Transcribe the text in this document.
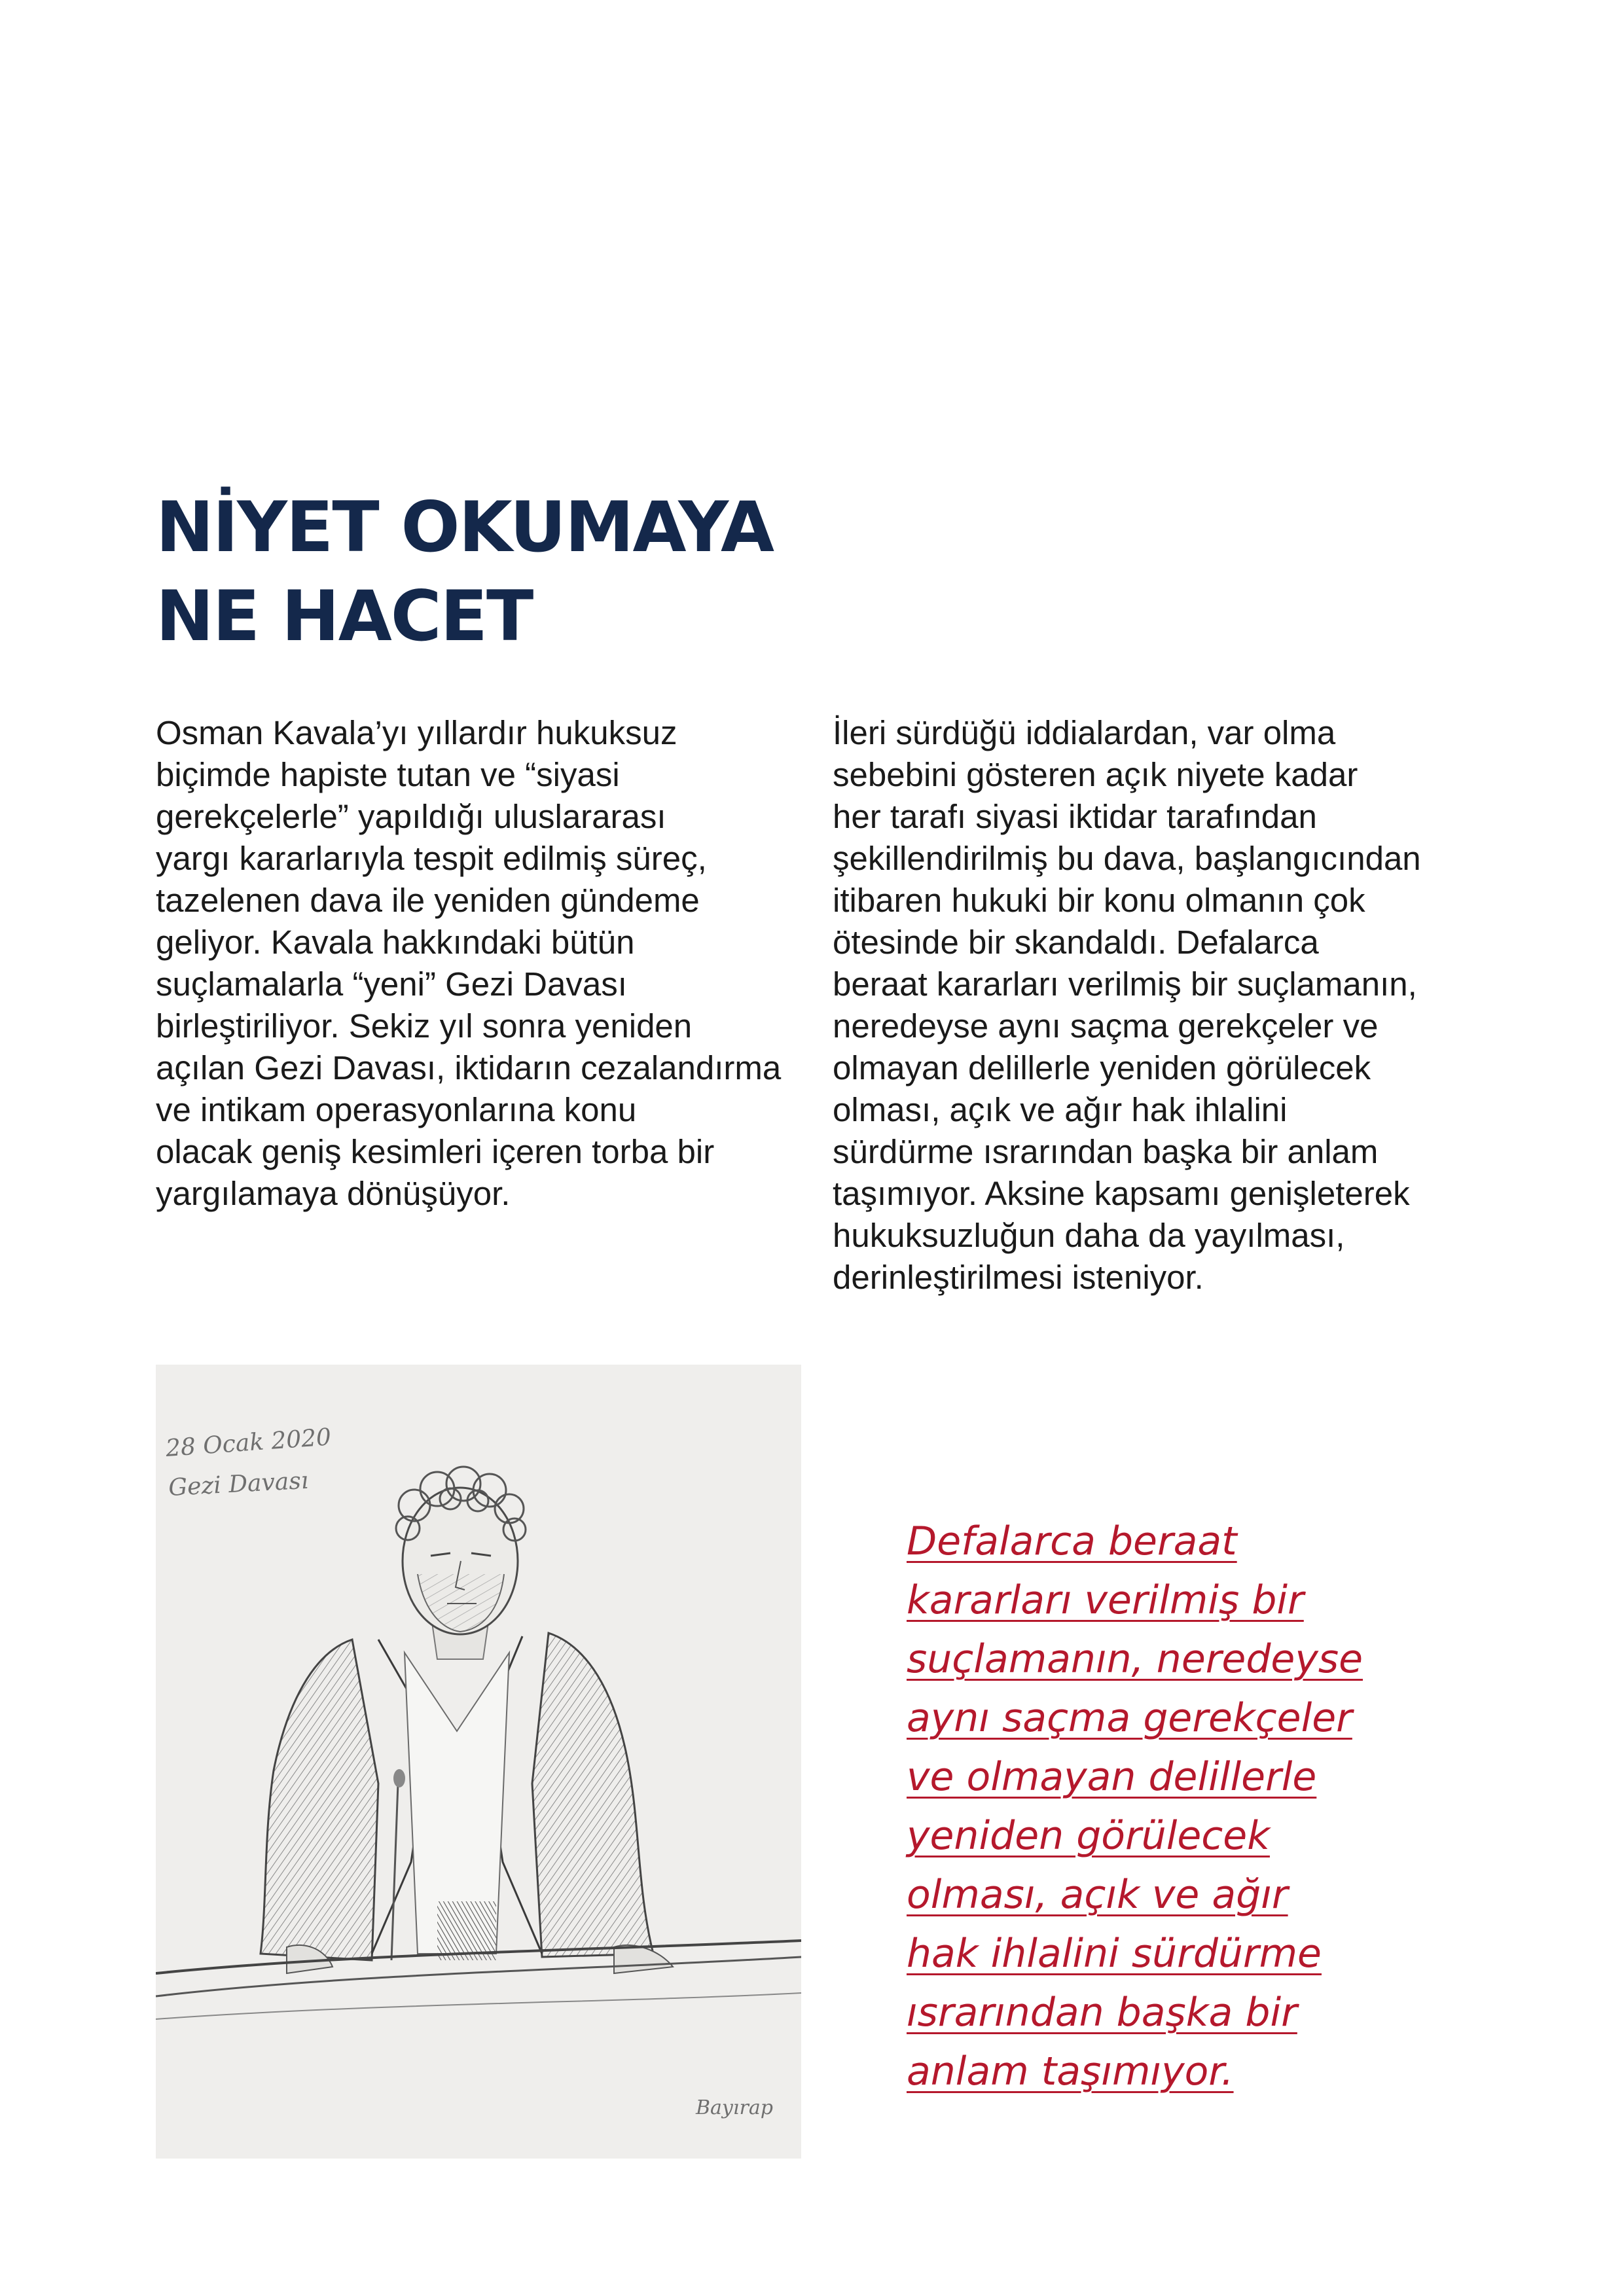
NİYET OKUMAYA
NE HACET
Osman Kavala’yı yıllardır hukuksuz
biçimde hapiste tutan ve “siyasi
gerekçelerle” yapıldığı uluslararası
yargı kararlarıyla tespit edilmiş süreç,
tazelenen dava ile yeniden gündeme
geliyor. Kavala hakkındaki bütün
suçlamalarla “yeni” Gezi Davası
birleştiriliyor. Sekiz yıl sonra yeniden
açılan Gezi Davası, iktidarın cezalandırma
ve intikam operasyonlarına konu
olacak geniş kesimleri içeren torba bir
yargılamaya dönüşüyor.
İleri sürdüğü iddialardan, var olma
sebebini gösteren açık niyete kadar
her tarafı siyasi iktidar tarafından
şekillendirilmiş bu dava, başlangıcından
itibaren hukuki bir konu olmanın çok
ötesinde bir skandaldı. Defalarca
beraat kararları verilmiş bir suçlamanın,
neredeyse aynı saçma gerekçeler ve
olmayan delillerle yeniden görülecek
olması, açık ve ağır hak ihlalini
sürdürme ısrarından başka bir anlam
taşımıyor. Aksine kapsamı genişleterek
hukuksuzluğun daha da yayılması,
derinleştirilmesi isteniyor.
28 Ocak 2020
Gezi Davası
Bayırap
Defalarca beraat
kararları verilmiş bir
suçlamanın, neredeyse
aynı saçma gerekçeler
ve olmayan delillerle
yeniden görülecek
olması, açık ve ağır
hak ihlalini sürdürme
ısrarından başka bir
anlam taşımıyor.
